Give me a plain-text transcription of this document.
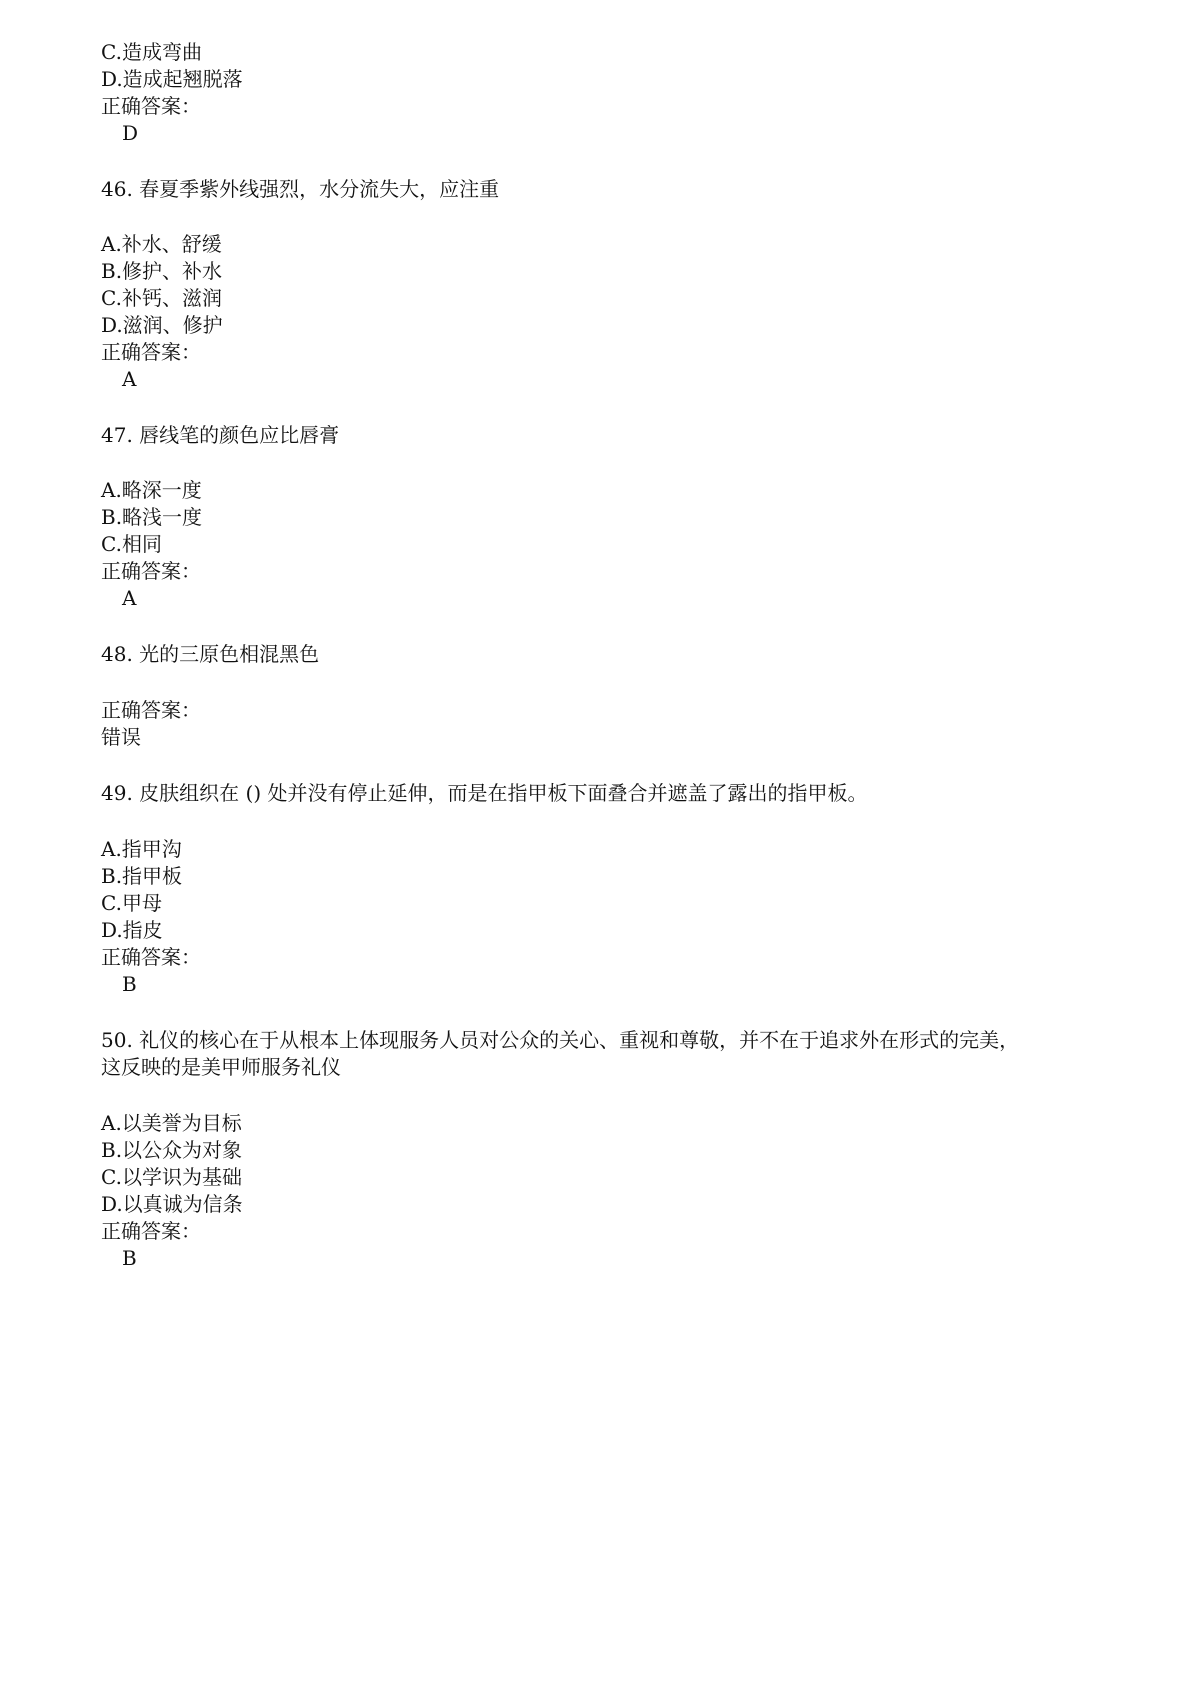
C.造成弯曲
D.造成起翘脱落
正确答案：
D
46. 春夏季紫外线强烈，水分流失大，应注重
A.补水、舒缓
B.修护、补水
C.补钙、滋润
D.滋润、修护
正确答案：
A
47. 唇线笔的颜色应比唇膏
A.略深一度
B.略浅一度
C.相同
正确答案：
A
48. 光的三原色相混黑色
正确答案：
错误
49. 皮肤组织在 () 处并没有停止延伸，而是在指甲板下面叠合并遮盖了露出的指甲板。
A.指甲沟
B.指甲板
C.甲母
D.指皮
正确答案：
B
50. 礼仪的核心在于从根本上体现服务人员对公众的关心、重视和尊敬，并不在于追求外在形式的完美，
这反映的是美甲师服务礼仪
A.以美誉为目标
B.以公众为对象
C.以学识为基础
D.以真诚为信条
正确答案：
B
